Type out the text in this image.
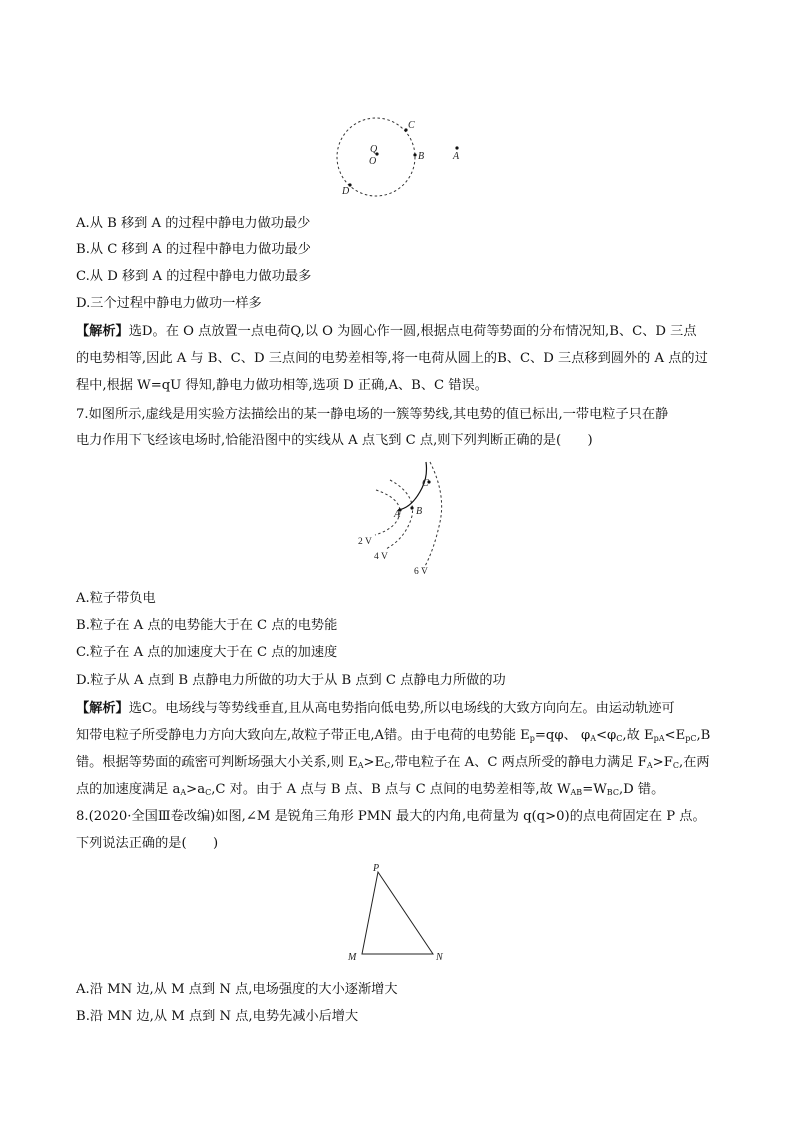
C
Q
O	B	A
D
A.从 B 移到 A 的过程中静电力做功最少
B.从 C 移到 A 的过程中静电力做功最少
C.从 D 移到 A 的过程中静电力做功最多
D.三个过程中静电力做功一样多
【解析】选D。在 O 点放置一点电荷Q,以 O 为圆心作一圆,根据点电荷等势面的分布情况知,B、C、D 三点
的电势相等,因此 A 与 B、C、D 三点间的电势差相等,将一电荷从圆上的B、C、D 三点移到圆外的 A 点的过
程中,根据 W=qU 得知,静电力做功相等,选项 D 正确,A、B、C 错误。
7.如图所示,虚线是用实验方法描绘出的某一静电场的一簇等势线,其电势的值已标出,一带电粒子只在静
电力作用下飞经该电场时,恰能沿图中的实线从 A 点飞到 C 点,则下列判断正确的是(　　)
C
A B
2 V
4 V
6 V
A.粒子带负电
B.粒子在 A 点的电势能大于在 C 点的电势能
C.粒子在 A 点的加速度大于在 C 点的加速度
D.粒子从 A 点到 B 点静电力所做的功大于从 B 点到 C 点静电力所做的功
【解析】选C。电场线与等势线垂直,且从高电势指向低电势,所以电场线的大致方向向左。由运动轨迹可
知带电粒子所受静电力方向大致向左,故粒子带正电,A错。由于电荷的电势能 $E_p=q\varphi$、 $\varphi_A<\varphi_C$,故 $E_{pA}<E_{pC},B$
错。根据等势面的疏密可判断场强大小关系,则 $E_A>E_C$,带电粒子在 A、C 两点所受的静电力满足 $F_A>F_C$,在两
点的加速度满足 $a_A>a_C,C$ 对。由于 A 点与 B 点、B 点与 C 点间的电势差相等,故 $W_{AB}=W_{BC},D$ 错。
8.(2020·全国Ⅲ卷改编)如图,∠M 是锐角三角形 PMN 最大的内角,电荷量为 q(q>0)的点电荷固定在 P 点。
下列说法正确的是(　　)
P
M	N
A.沿 MN 边,从 M 点到 N 点,电场强度的大小逐渐增大
B.沿 MN 边,从 M 点到 N 点,电势先减小后增大
